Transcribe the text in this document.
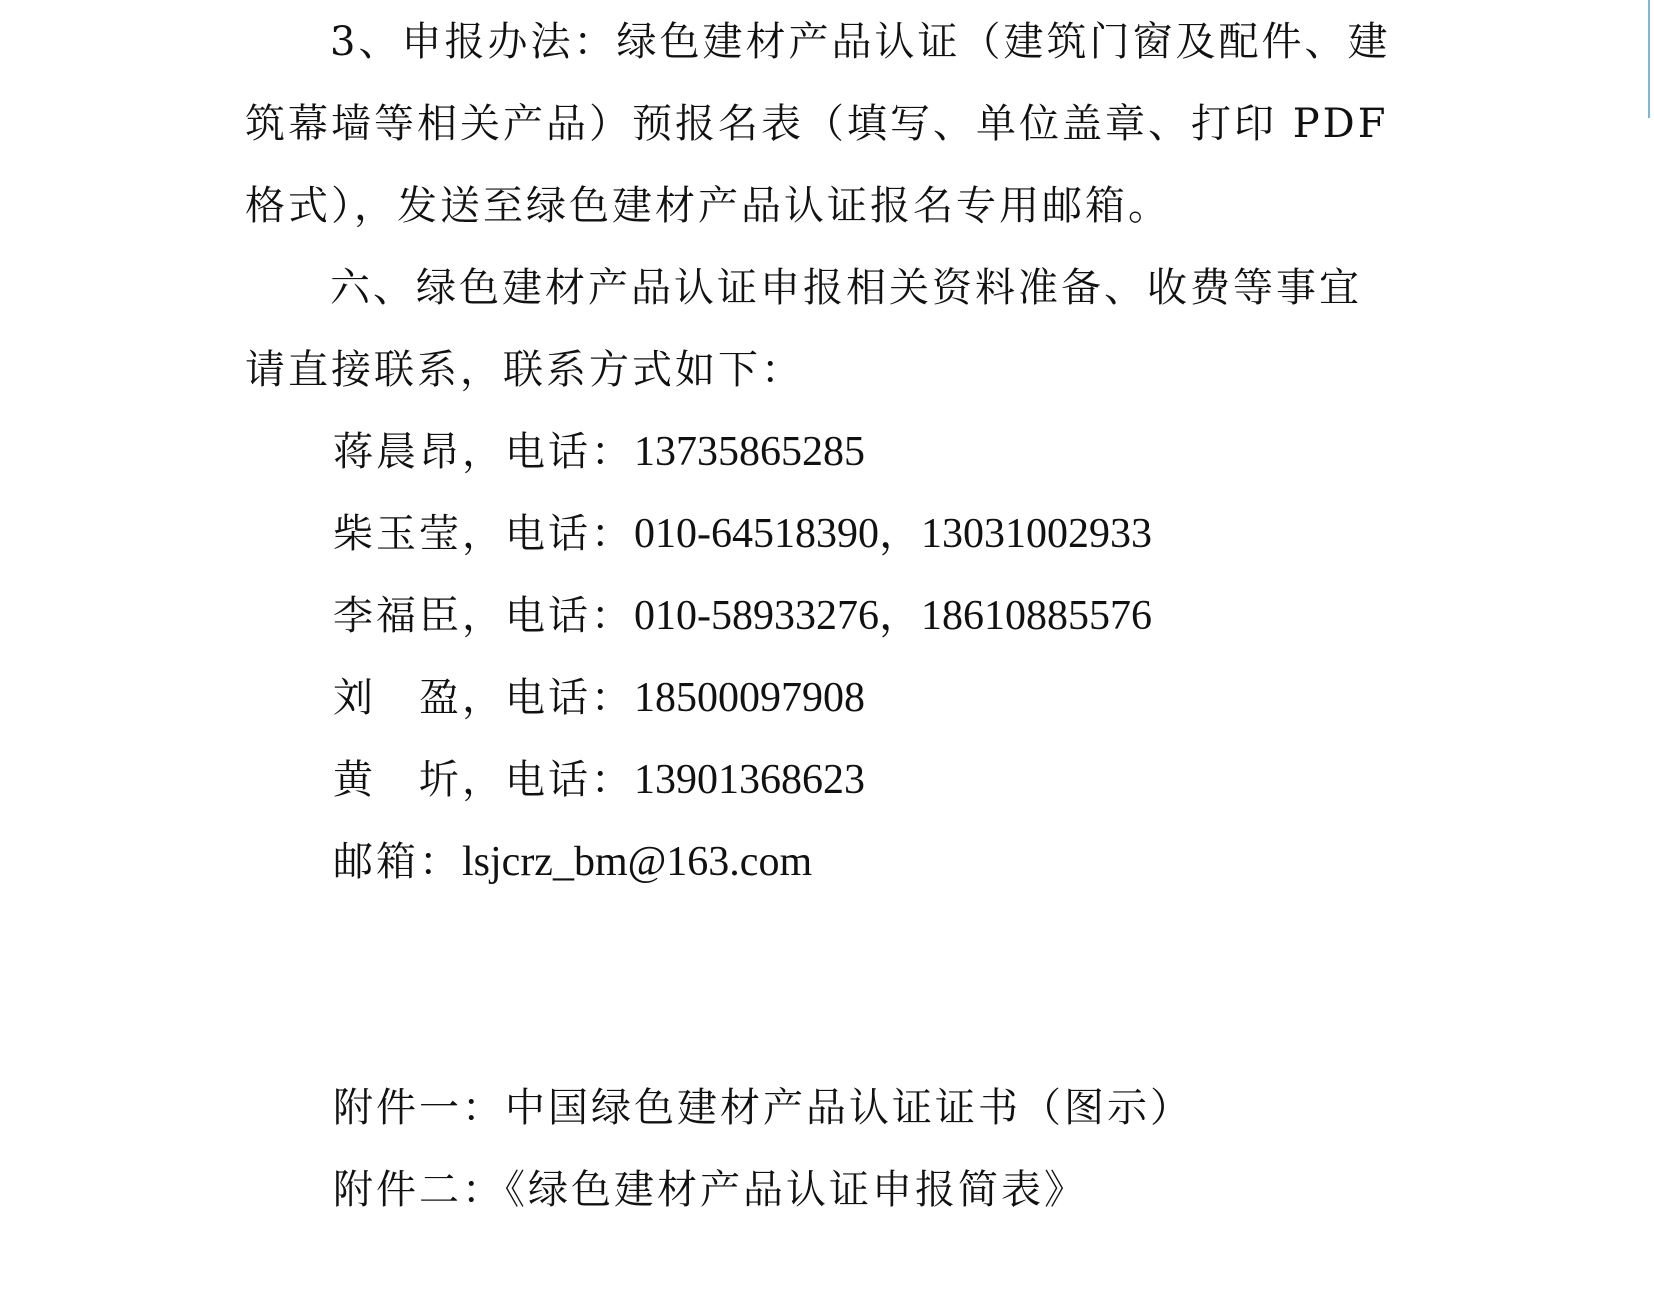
3、申报办法：绿色建材产品认证（建筑门窗及配件、建
筑幕墙等相关产品）预报名表（填写、单位盖章、打印 PDF
格式），发送至绿色建材产品认证报名专用邮箱。
六、绿色建材产品认证申报相关资料准备、收费等事宜
请直接联系，联系方式如下：
蒋晨昂，电话：13735865285
柴玉莹，电话：010-64518390，13031002933
李福臣，电话：010-58933276，18610885576
刘　盈，电话：18500097908
黄　圻，电话：13901368623
邮箱：lsjcrz_bm@163.com
附件一：中国绿色建材产品认证证书（图示）
附件二：《绿色建材产品认证申报简表》
